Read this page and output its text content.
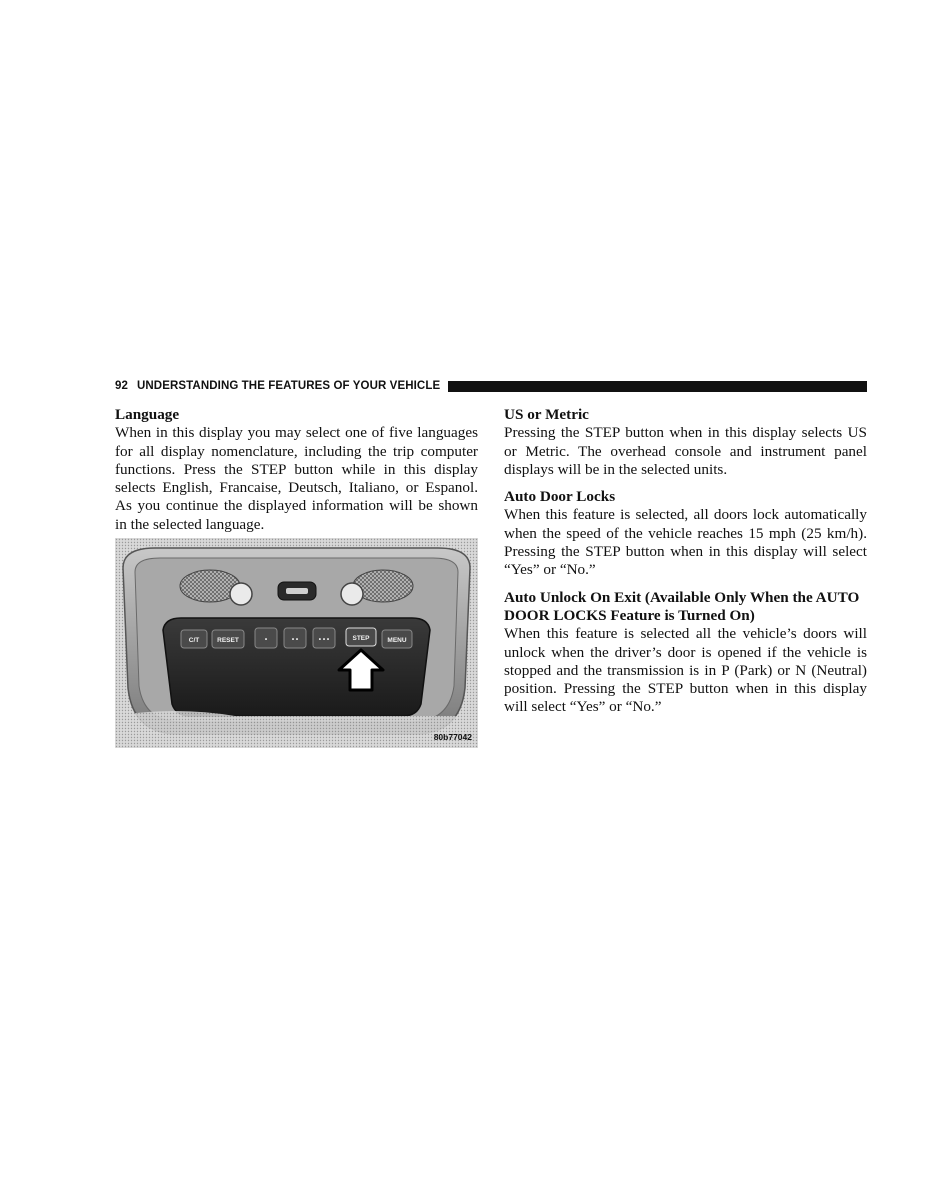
92 UNDERSTANDING THE FEATURES OF YOUR VEHICLE
Language

When in this display you may select one of five languages for all display nomenclature, including the trip computer functions. Press the STEP button while in this display selects English, Francaise, Deutsch, Italiano, or Espanol. As you continue the displayed information will be shown in the selected language.

C/T	RESET	•	• •	• • •	STEP	MENU
80b77042
US or Metric

Pressing the STEP button when in this display selects US or Metric. The overhead console and instrument panel displays will be in the selected units.

Auto Door Locks

When this feature is selected, all doors lock automatically when the speed of the vehicle reaches 15 mph (25 km/h). Pressing the STEP button when in this display will select “Yes” or “No.”

Auto Unlock On Exit (Available Only When the AUTO DOOR LOCKS Feature is Turned On)

When this feature is selected all the vehicle’s doors will unlock when the driver’s door is opened if the vehicle is stopped and the transmission is in P (Park) or N (Neutral) position. Pressing the STEP button when in this display will select “Yes” or “No.”
